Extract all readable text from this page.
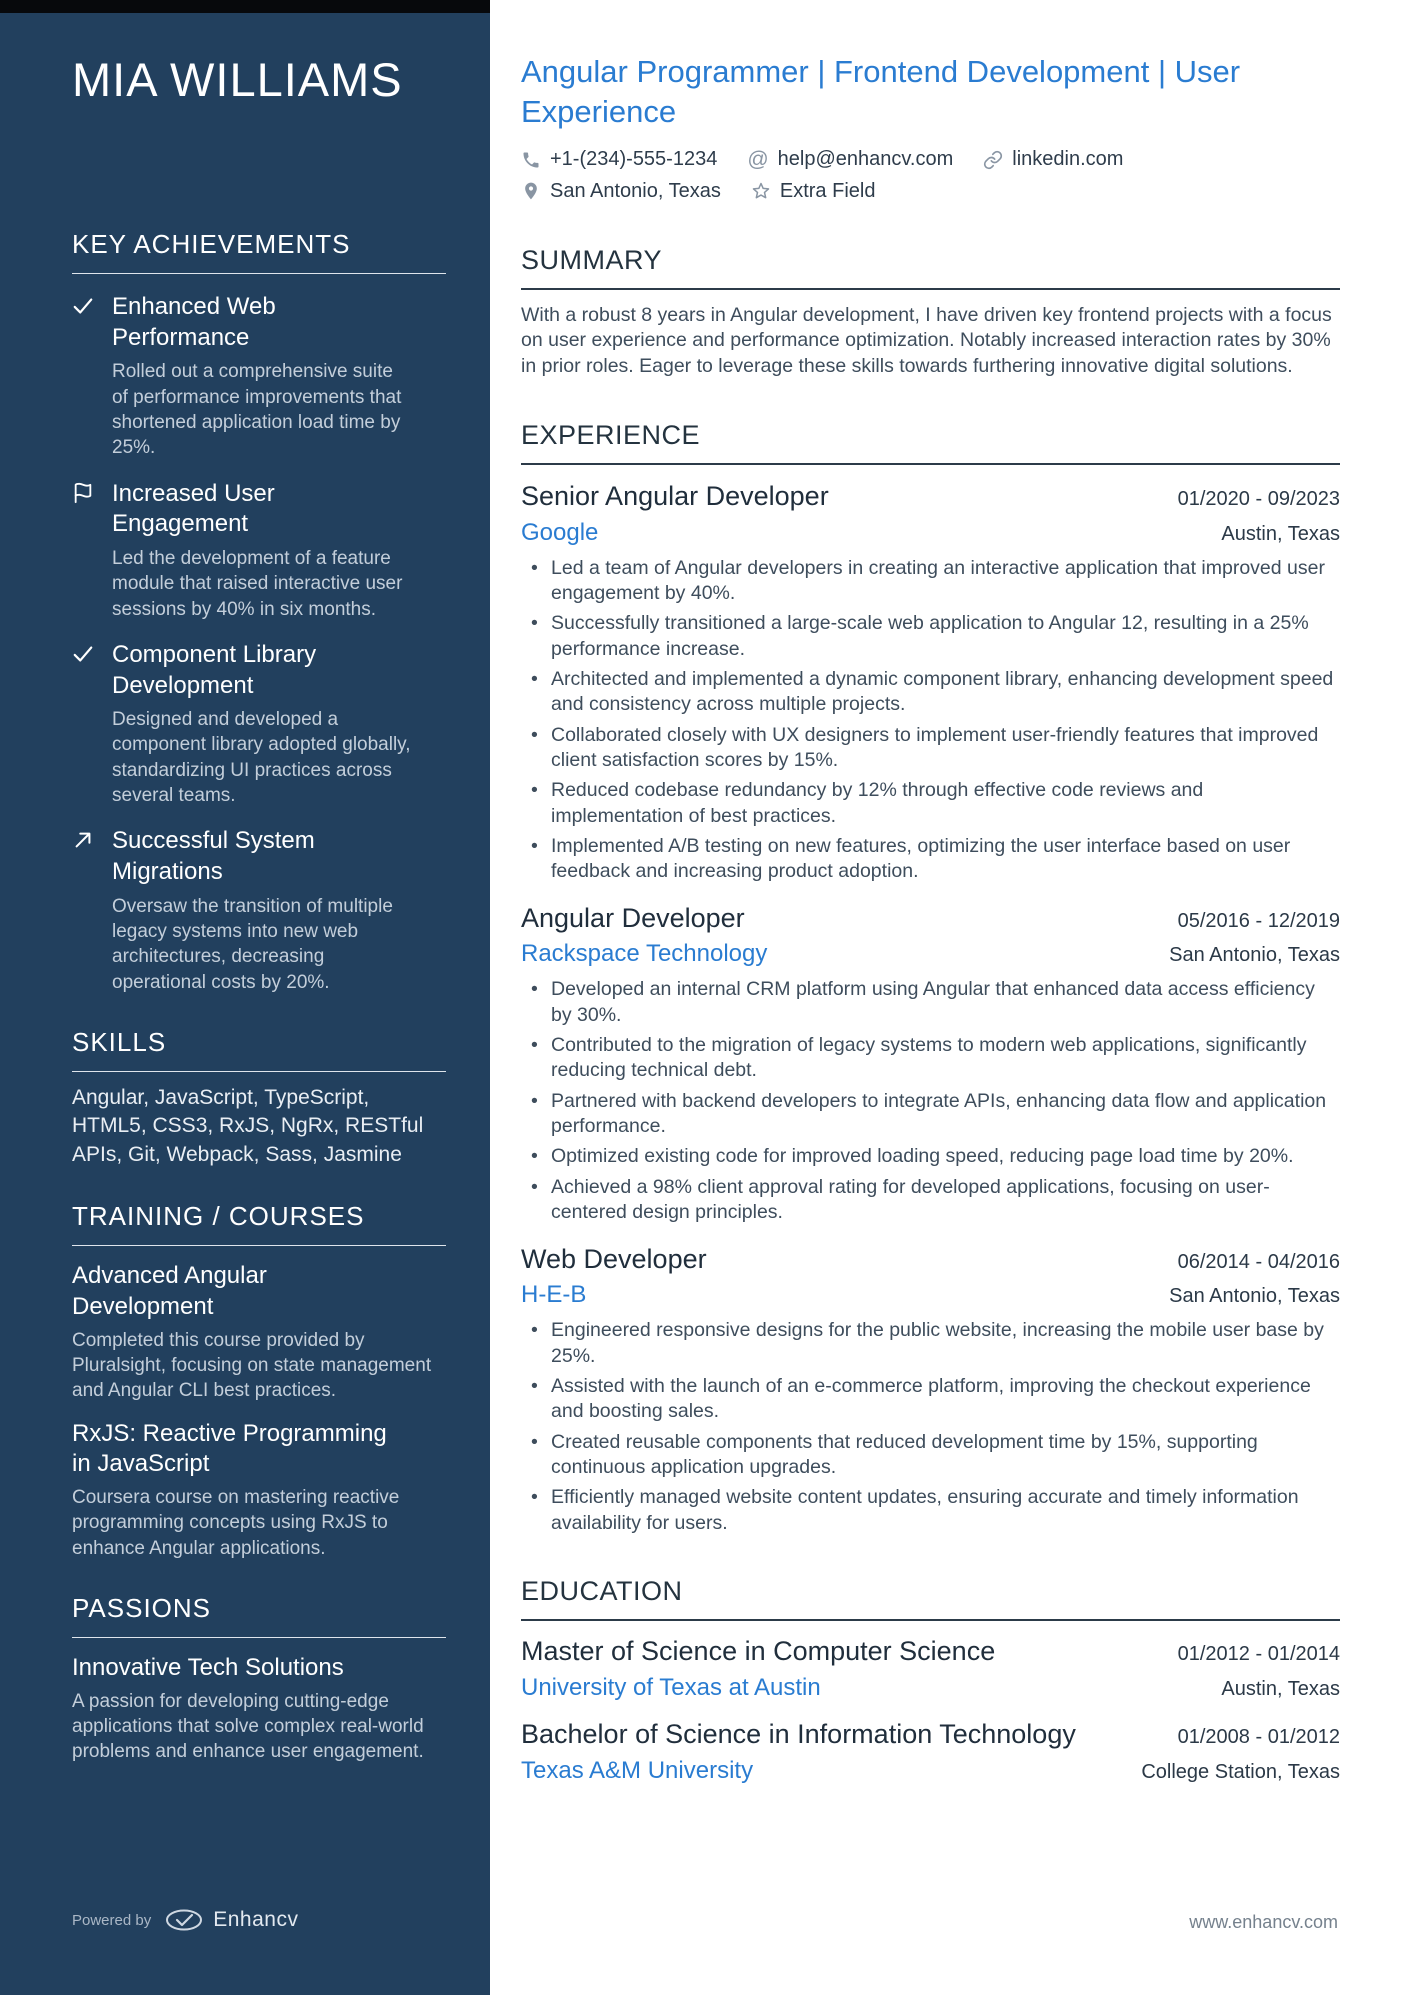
MIA WILLIAMS
KEY ACHIEVEMENTS
Enhanced Web Performance
Rolled out a comprehensive suite of performance improvements that shortened application load time by 25%.
Increased User Engagement
Led the development of a feature module that raised interactive user sessions by 40% in six months.
Component Library Development
Designed and developed a component library adopted globally, standardizing UI practices across several teams.
Successful System Migrations
Oversaw the transition of multiple legacy systems into new web architectures, decreasing operational costs by 20%.
SKILLS
Angular, JavaScript, TypeScript, HTML5, CSS3, RxJS, NgRx, RESTful APIs, Git, Webpack, Sass, Jasmine
TRAINING / COURSES
Advanced Angular Development
Completed this course provided by Pluralsight, focusing on state management and Angular CLI best practices.
RxJS: Reactive Programming in JavaScript
Coursera course on mastering reactive programming concepts using RxJS to enhance Angular applications.
PASSIONS
Innovative Tech Solutions
A passion for developing cutting-edge applications that solve complex real-world problems and enhance user engagement.
Powered by	Enhancv
Angular Programmer | Frontend Development | User Experience
+1-(234)-555-1234 @ help@enhancv.com	linkedin.com
San Antonio, Texas	Extra Field
SUMMARY

With a robust 8 years in Angular development, I have driven key frontend projects with a focus on user experience and performance optimization. Notably increased interaction rates by 30% in prior roles. Eager to leverage these skills towards furthering innovative digital solutions.

EXPERIENCE
Senior Angular Developer	01/2020 - 09/2023
Google	Austin, Texas
• Led a team of Angular developers in creating an interactive application that improved user engagement by 40%.
• Successfully transitioned a large-scale web application to Angular 12, resulting in a 25% performance increase.
• Architected and implemented a dynamic component library, enhancing development speed and consistency across multiple projects.
• Collaborated closely with UX designers to implement user-friendly features that improved client satisfaction scores by 15%.
• Reduced codebase redundancy by 12% through effective code reviews and implementation of best practices.
• Implemented A/B testing on new features, optimizing the user interface based on user feedback and increasing product adoption.
Angular Developer	05/2016 - 12/2019
Rackspace Technology	San Antonio, Texas
• Developed an internal CRM platform using Angular that enhanced data access efficiency by 30%.
• Contributed to the migration of legacy systems to modern web applications, significantly reducing technical debt.
• Partnered with backend developers to integrate APIs, enhancing data flow and application performance.
• Optimized existing code for improved loading speed, reducing page load time by 20%.
• Achieved a 98% client approval rating for developed applications, focusing on user-centered design principles.
Web Developer	06/2014 - 04/2016
H-E-B	San Antonio, Texas
• Engineered responsive designs for the public website, increasing the mobile user base by 25%.
• Assisted with the launch of an e-commerce platform, improving the checkout experience and boosting sales.
• Created reusable components that reduced development time by 15%, supporting continuous application upgrades.
• Efficiently managed website content updates, ensuring accurate and timely information availability for users.
EDUCATION
Master of Science in Computer Science	01/2012 - 01/2014
University of Texas at Austin	Austin, Texas
Bachelor of Science in Information Technology	01/2008 - 01/2012
Texas A&M University	College Station, Texas
www.enhancv.com
